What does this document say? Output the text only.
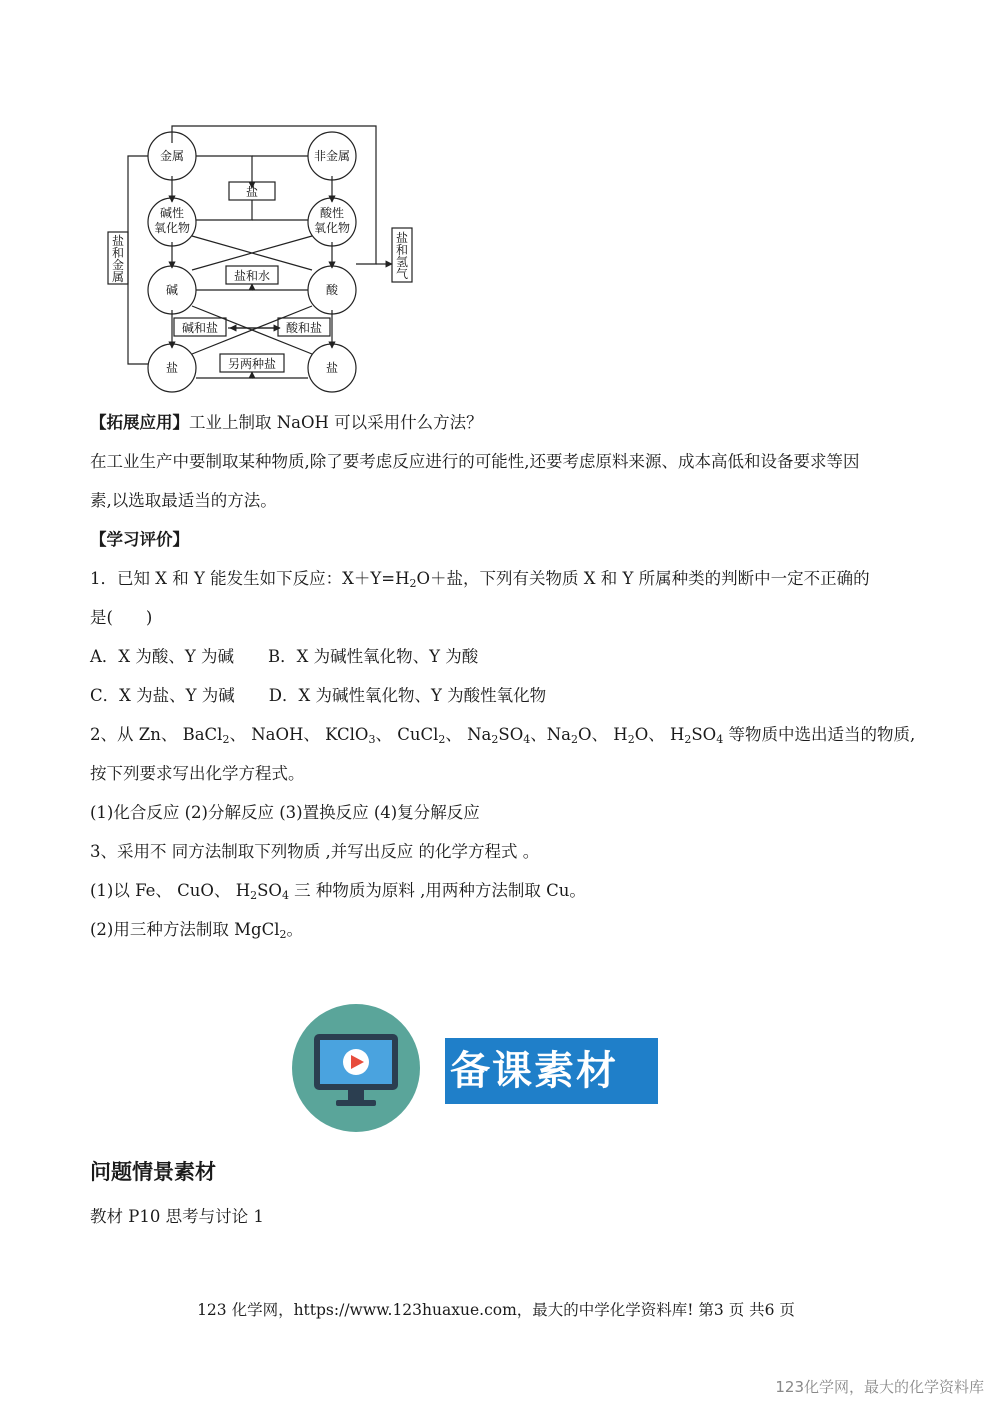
金属	非金属
盐
碱性
氧化物
酸性
氧化物
碱	酸
盐和水
碱和盐	酸和盐
另两种盐
盐	盐
盐
和
金
属
盐
和
氢
气
【拓展应用】工业上制取 NaOH 可以采用什么方法？
在工业生产中要制取某种物质,除了要考虑反应进行的可能性,还要考虑原料来源、成本高低和设备要求等因
素,以选取最适当的方法。
【学习评价】
1．已知 X 和 Y 能发生如下反应：$X+Y=H_2O+$盐，下列有关物质 X 和 Y 所属种类的判断中一定不正确的
是(　　)
A．X 为酸、Y 为碱 B．X 为碱性氧化物、Y 为酸
C．X 为盐、Y 为碱 D．X 为碱性氧化物、Y 为酸性氧化物
2、从 Zn、 BaCl$_2$、 NaOH、 KClO$_3$、 CuCl$_2$、 $Na_2SO_4$、$Na_2O$、 $H_2O$、 $H_2SO_4$ 等物质中选出适当的物质,
按下列要求写出化学方程式。
(1)化合反应 (2)分解反应 (3)置换反应 (4)复分解反应
3、采用不 同方法制取下列物质 ,并写出反应 的化学方程式 。
(1)以 Fe、 CuO、 $H_2SO_4$ 三 种物质为原料 ,用两种方法制取 Cu。
(2)用三种方法制取 MgCl$_2$。
备课素材
问题情景素材
教材 P10 思考与讨论 1
123 化学网，https://www.123huaxue.com，最大的中学化学资料库! 第3 页 共6 页
123化学网，最大的化学资料库
